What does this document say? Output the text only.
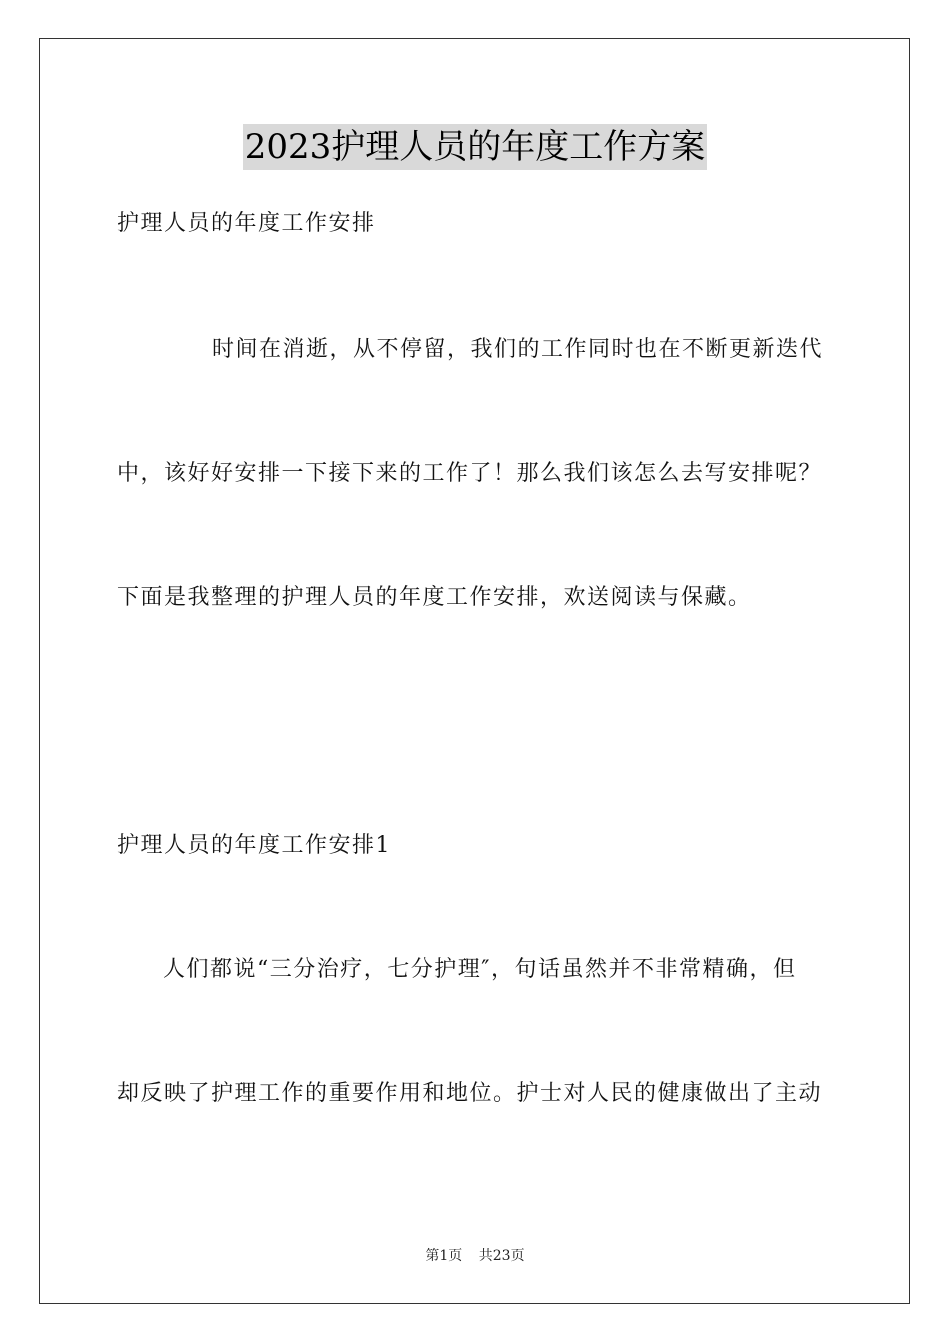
2023护理人员的年度工作方案
护理人员的年度工作安排
时间在消逝，从不停留，我们的工作同时也在不断更新迭代
中，该好好安排一下接下来的工作了！那么我们该怎么去写安排呢？
下面是我整理的护理人员的年度工作安排，欢送阅读与保藏。
护理人员的年度工作安排1
人们都说“三分治疗，七分护理″，句话虽然并不非常精确，但
却反映了护理工作的重要作用和地位。护士对人民的健康做出了主动
第1页 共23页
